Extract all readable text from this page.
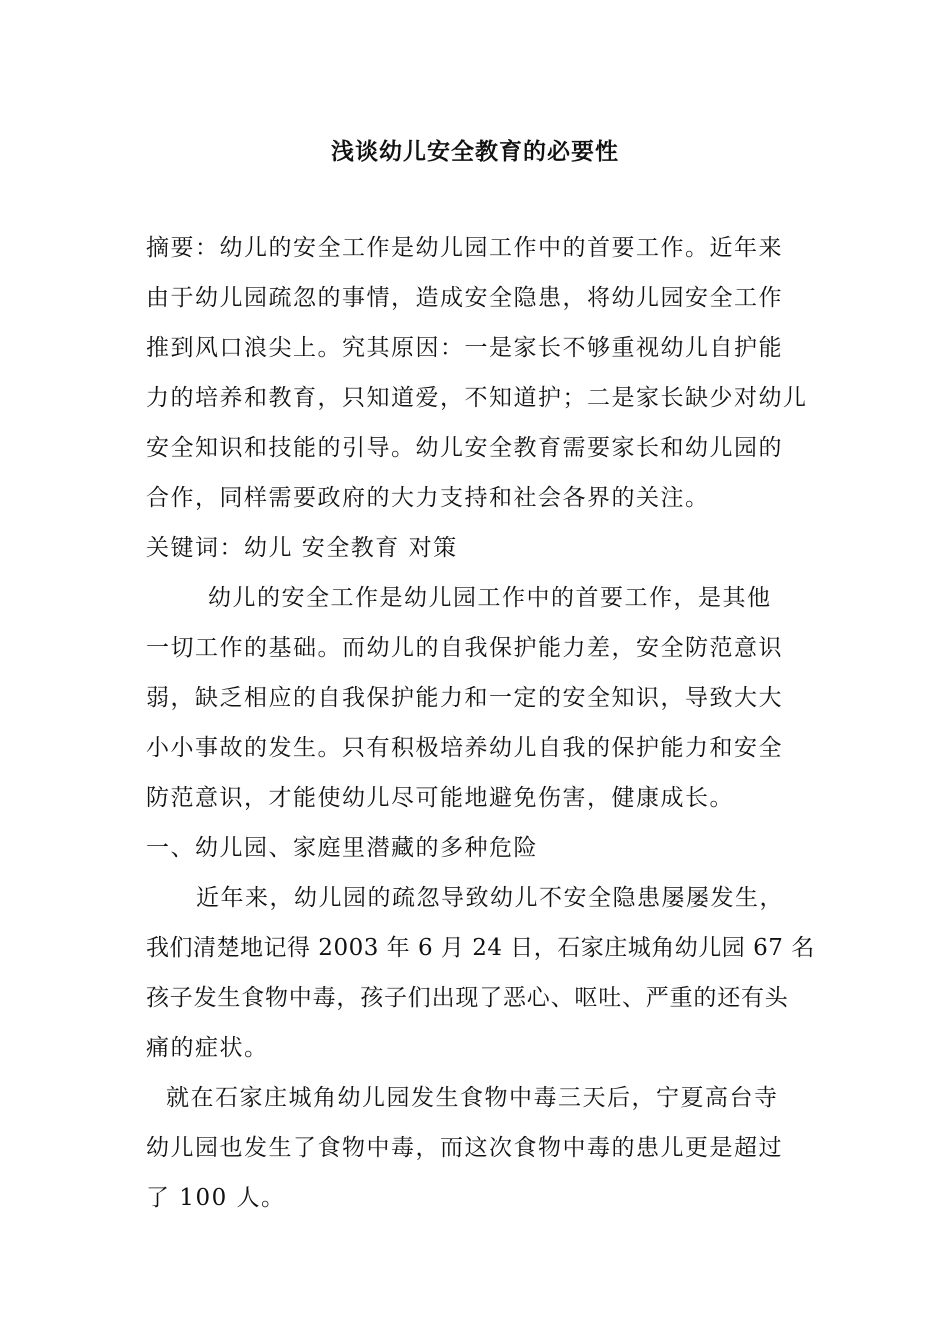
浅谈幼儿安全教育的必要性
摘要：幼儿的安全工作是幼儿园工作中的首要工作。近年来
由于幼儿园疏忽的事情，造成安全隐患，将幼儿园安全工作
推到风口浪尖上。究其原因：一是家长不够重视幼儿自护能
力的培养和教育，只知道爱，不知道护；二是家长缺少对幼儿
安全知识和技能的引导。幼儿安全教育需要家长和幼儿园的
合作，同样需要政府的大力支持和社会各界的关注。
关键词：幼儿 安全教育 对策
幼儿的安全工作是幼儿园工作中的首要工作，是其他
一切工作的基础。而幼儿的自我保护能力差，安全防范意识
弱，缺乏相应的自我保护能力和一定的安全知识，导致大大
小小事故的发生。只有积极培养幼儿自我的保护能力和安全
防范意识，才能使幼儿尽可能地避免伤害，健康成长。
一、幼儿园、家庭里潜藏的多种危险
近年来，幼儿园的疏忽导致幼儿不安全隐患屡屡发生，
我们清楚地记得 2003 年 6 月 24 日，石家庄城角幼儿园 67 名
孩子发生食物中毒，孩子们出现了恶心、呕吐、严重的还有头
痛的症状。
就在石家庄城角幼儿园发生食物中毒三天后，宁夏高台寺
幼儿园也发生了食物中毒，而这次食物中毒的患儿更是超过
了 100 人。
